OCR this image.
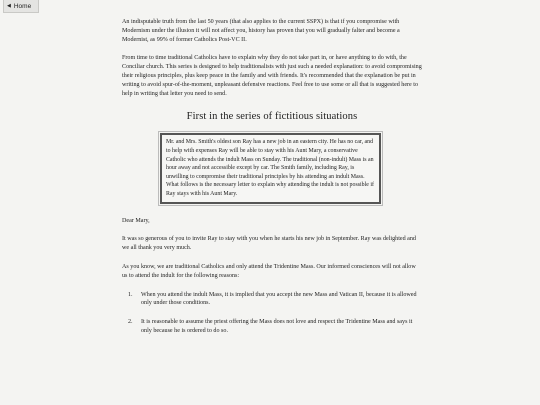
◀ Home

An indisputable truth from the last 50 years (that also applies to the current SSPX) is that if you compromise with Modernism under the illusion it will not affect you, history has proven that you will gradually falter and become a Modernist, as 99% of former Catholics Post-VC II.

From time to time traditional Catholics have to explain why they do not take part in, or have anything to do with, the Conciliar church. This series is designed to help traditionalists with just such a needed explanation: to avoid compromising their religious principles, plus keep peace in the family and with friends. It's recommended that the explanation be put in writing to avoid spur-of-the-moment, unpleasant defensive reactions. Feel free to use some or all that is suggested here to help in writing that letter you need to send.

First in the series of fictitious situations
Mr. and Mrs. Smith's oldest son Ray has a new job in an eastern city. He has no car, and to help with expenses Ray will be able to stay with his Aunt Mary, a conservative Catholic who attends the indult Mass on Sunday. The traditional (non-indult) Mass is an hour away and not accessible except by car. The Smith family, including Ray, is unwilling to compromise their traditional principles by his attending an indult Mass. What follows is the necessary letter to explain why attending the indult is not possible if Ray stays with his Aunt Mary.

Dear Mary,

It was so generous of you to invite Ray to stay with you when he starts his new job in September. Ray was delighted and we all thank you very much.

As you know, we are traditional Catholics and only attend the Tridentine Mass. Our informed consciences will not allow us to attend the indult for the following reasons:

1. When you attend the indult Mass, it is implied that you accept the new Mass and Vatican II, because it is allowed only under those conditions.
2. It is reasonable to assume the priest offering the Mass does not love and respect the Tridentine Mass and says it only because he is ordered to do so.
